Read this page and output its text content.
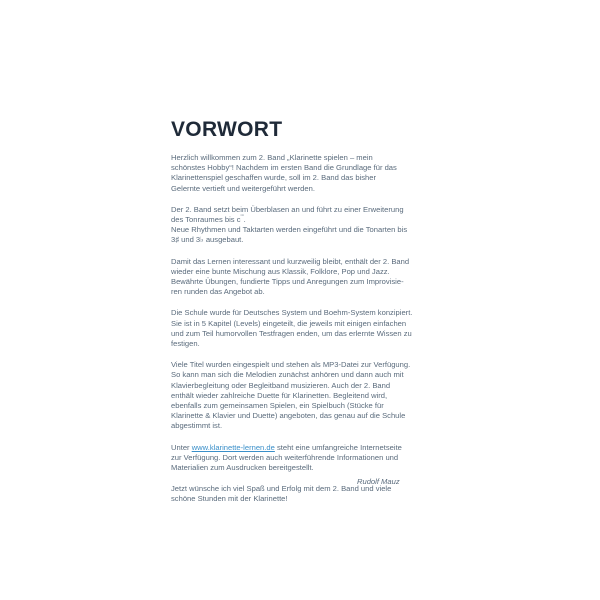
VORWORT

Herzlich willkommen zum 2. Band „Klarinette spielen – mein
schönstes Hobby“! Nachdem im ersten Band die Grundlage für das
Klarinettenspiel geschaffen wurde, soll im 2. Band das bisher
Gelernte vertieft und weitergeführt werden.

Der 2. Band setzt beim Überblasen an und führt zu einer Erweiterung
des Tonraumes bis c'''.
Neue Rhythmen und Taktarten werden eingeführt und die Tonarten bis
3♯ und 3♭ ausgebaut.

Damit das Lernen interessant und kurzweilig bleibt, enthält der 2. Band
wieder eine bunte Mischung aus Klassik, Folklore, Pop und Jazz.
Bewährte Übungen, fundierte Tipps und Anregungen zum Improvisie-
ren runden das Angebot ab.

Die Schule wurde für Deutsches System und Boehm-System konzipiert.
Sie ist in 5 Kapitel (Levels) eingeteilt, die jeweils mit einigen einfachen
und zum Teil humorvollen Testfragen enden, um das erlernte Wissen zu
festigen.

Viele Titel wurden eingespielt und stehen als MP3-Datei zur Verfügung.
So kann man sich die Melodien zunächst anhören und dann auch mit
Klavierbegleitung oder Begleitband musizieren. Auch der 2. Band
enthält wieder zahlreiche Duette für Klarinetten. Begleitend wird,
ebenfalls zum gemeinsamen Spielen, ein Spielbuch (Stücke für
Klarinette & Klavier und Duette) angeboten, das genau auf die Schule
abgestimmt ist.

Unter www.klarinette-lernen.de steht eine umfangreiche Internetseite
zur Verfügung. Dort werden auch weiterführende Informationen und
Materialien zum Ausdrucken bereitgestellt.

Jetzt wünsche ich viel Spaß und Erfolg mit dem 2. Band und viele
schöne Stunden mit der Klarinette!

Rudolf Mauz
